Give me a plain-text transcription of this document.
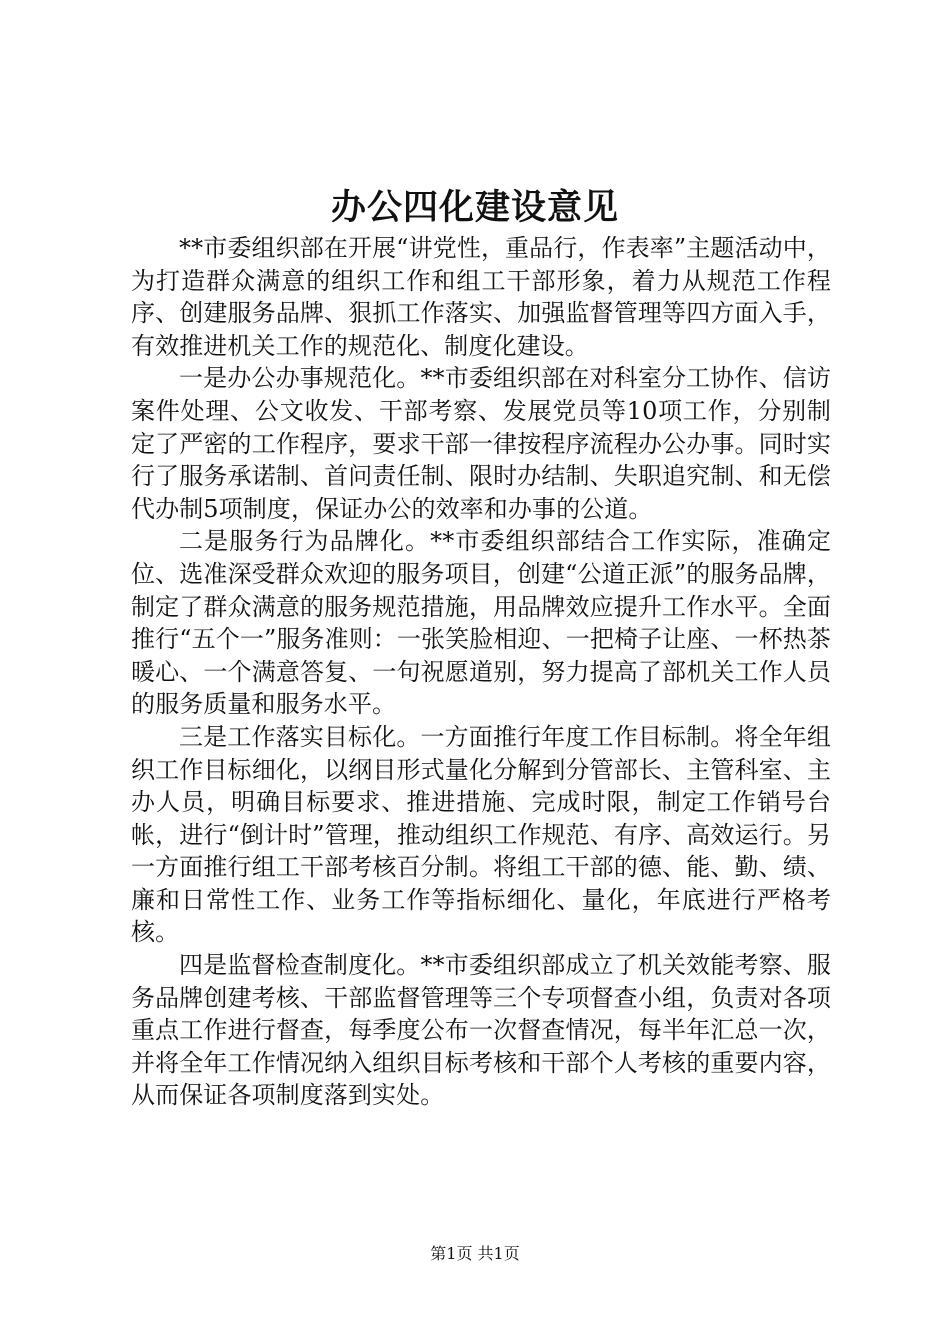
办公四化建设意见

**市委组织部在开展“讲党性，重品行，作表率”主题活动中，为打造群众满意的组织工作和组工干部形象，着力从规范工作程序、创建服务品牌、狠抓工作落实、加强监督管理等四方面入手，有效推进机关工作的规范化、制度化建设。

一是办公办事规范化。**市委组织部在对科室分工协作、信访案件处理、公文收发、干部考察、发展党员等10项工作，分别制定了严密的工作程序，要求干部一律按程序流程办公办事。同时实行了服务承诺制、首问责任制、限时办结制、失职追究制、和无偿代办制5项制度，保证办公的效率和办事的公道。

二是服务行为品牌化。**市委组织部结合工作实际，准确定位、选准深受群众欢迎的服务项目，创建“公道正派”的服务品牌，制定了群众满意的服务规范措施，用品牌效应提升工作水平。全面推行“五个一”服务准则：一张笑脸相迎、一把椅子让座、一杯热茶暖心、一个满意答复、一句祝愿道别，努力提高了部机关工作人员的服务质量和服务水平。

三是工作落实目标化。一方面推行年度工作目标制。将全年组织工作目标细化，以纲目形式量化分解到分管部长、主管科室、主办人员，明确目标要求、推进措施、完成时限，制定工作销号台帐，进行“倒计时”管理，推动组织工作规范、有序、高效运行。另一方面推行组工干部考核百分制。将组工干部的德、能、勤、绩、廉和日常性工作、业务工作等指标细化、量化，年底进行严格考核。

四是监督检查制度化。**市委组织部成立了机关效能考察、服务品牌创建考核、干部监督管理等三个专项督查小组，负责对各项重点工作进行督查，每季度公布一次督查情况，每半年汇总一次，并将全年工作情况纳入组织目标考核和干部个人考核的重要内容，从而保证各项制度落到实处。

第1页 共1页
